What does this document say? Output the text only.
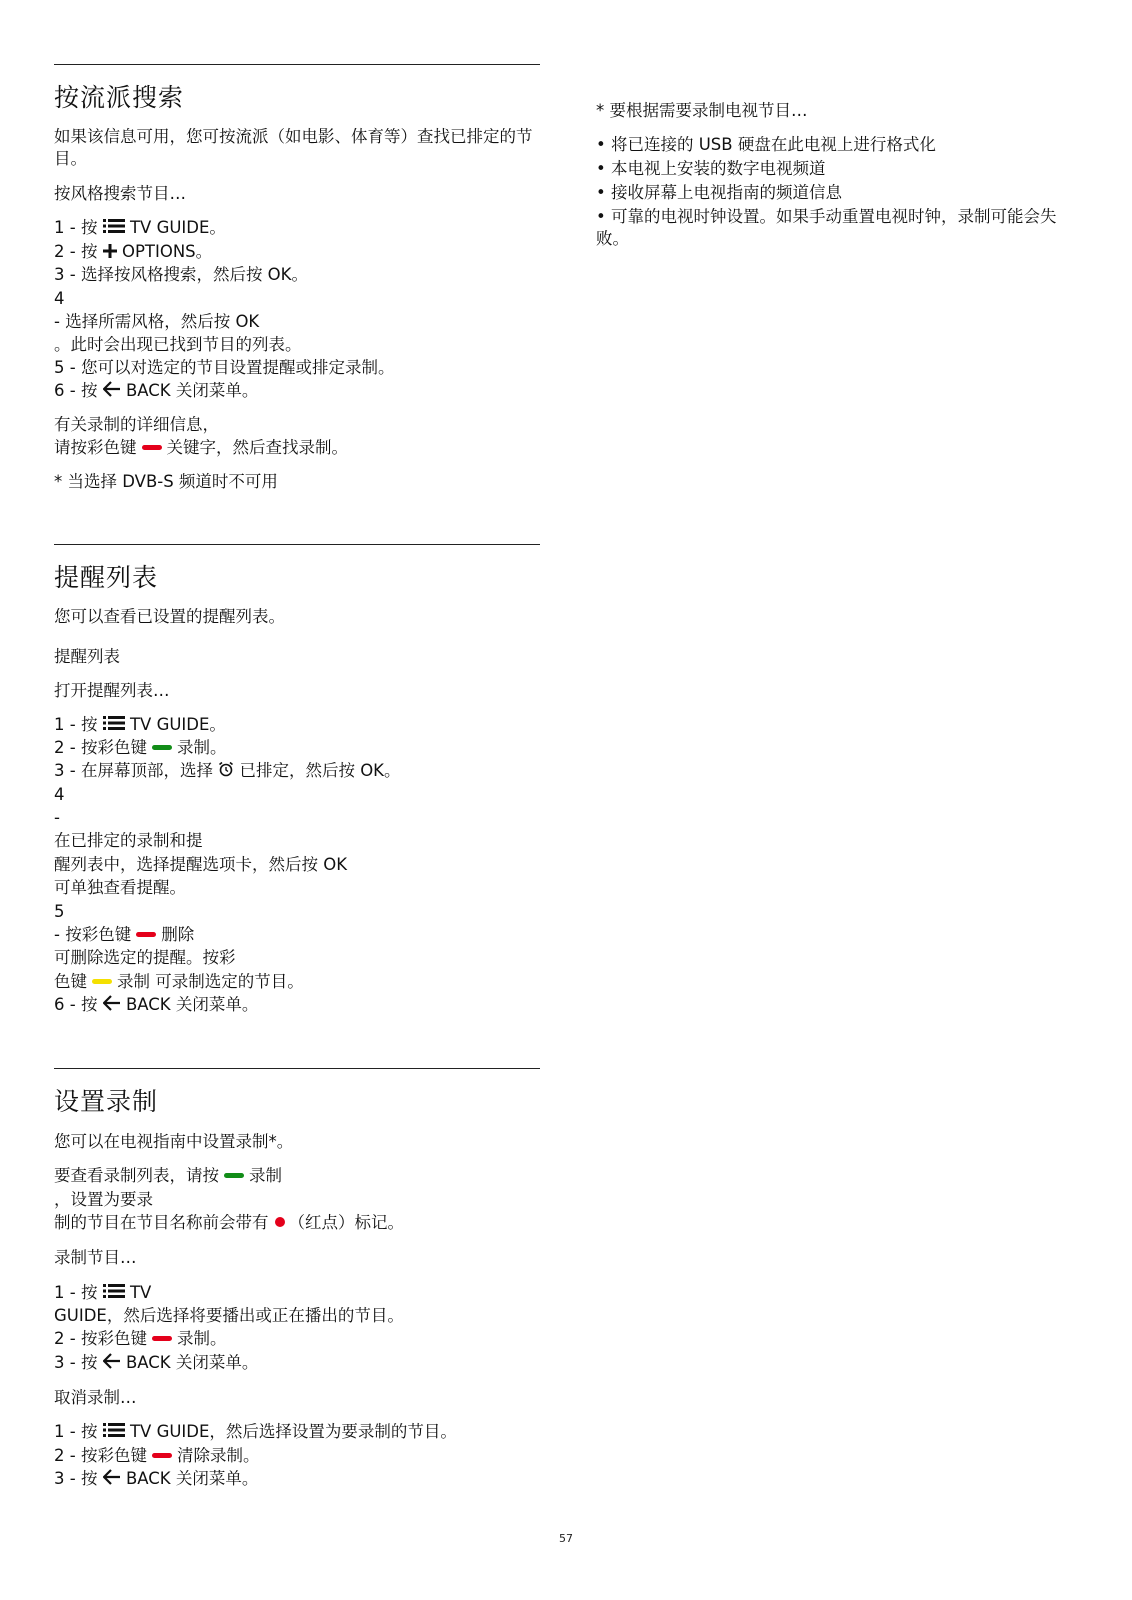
按流派搜索
如果该信息可用，您可按流派（如电影、体育等）查找已排定的节目。
按风格搜索节目…
1 - 按 TV GUIDE。
2 - 按 OPTIONS。
3 - 选择按风格搜索，然后按 OK。
4
- 选择所需风格，然后按 OK
。此时会出现已找到节目的列表。
5 - 您可以对选定的节目设置提醒或排定录制。
6 - 按 BACK 关闭菜单。
有关录制的详细信息，
请按彩色键 关键字，然后查找录制。
* 当选择 DVB-S 频道时不可用
提醒列表
您可以查看已设置的提醒列表。
提醒列表
打开提醒列表…
1 - 按 TV GUIDE。
2 - 按彩色键 录制。
3 - 在屏幕顶部，选择 已排定，然后按 OK。
4
-
在已排定的录制和提
醒列表中，选择提醒选项卡，然后按 OK
可单独查看提醒。
5
- 按彩色键 删除
可删除选定的提醒。按彩
色键 录制 可录制选定的节目。
6 - 按 BACK 关闭菜单。
设置录制
您可以在电视指南中设置录制*。
要查看录制列表，请按 录制
，设置为要录
制的节目在节目名称前会带有 （红点）标记。
录制节目…
1 - 按 TV
GUIDE，然后选择将要播出或正在播出的节目。
2 - 按彩色键 录制。
3 - 按 BACK 关闭菜单。
取消录制…
1 - 按 TV GUIDE，然后选择设置为要录制的节目。
2 - 按彩色键 清除录制。
3 - 按 BACK 关闭菜单。
* 要根据需要录制电视节目…
• 将已连接的 USB 硬盘在此电视上进行格式化
• 本电视上安装的数字电视频道
• 接收屏幕上电视指南的频道信息
• 可靠的电视时钟设置。如果手动重置电视时钟，录制可能会失败。
57
